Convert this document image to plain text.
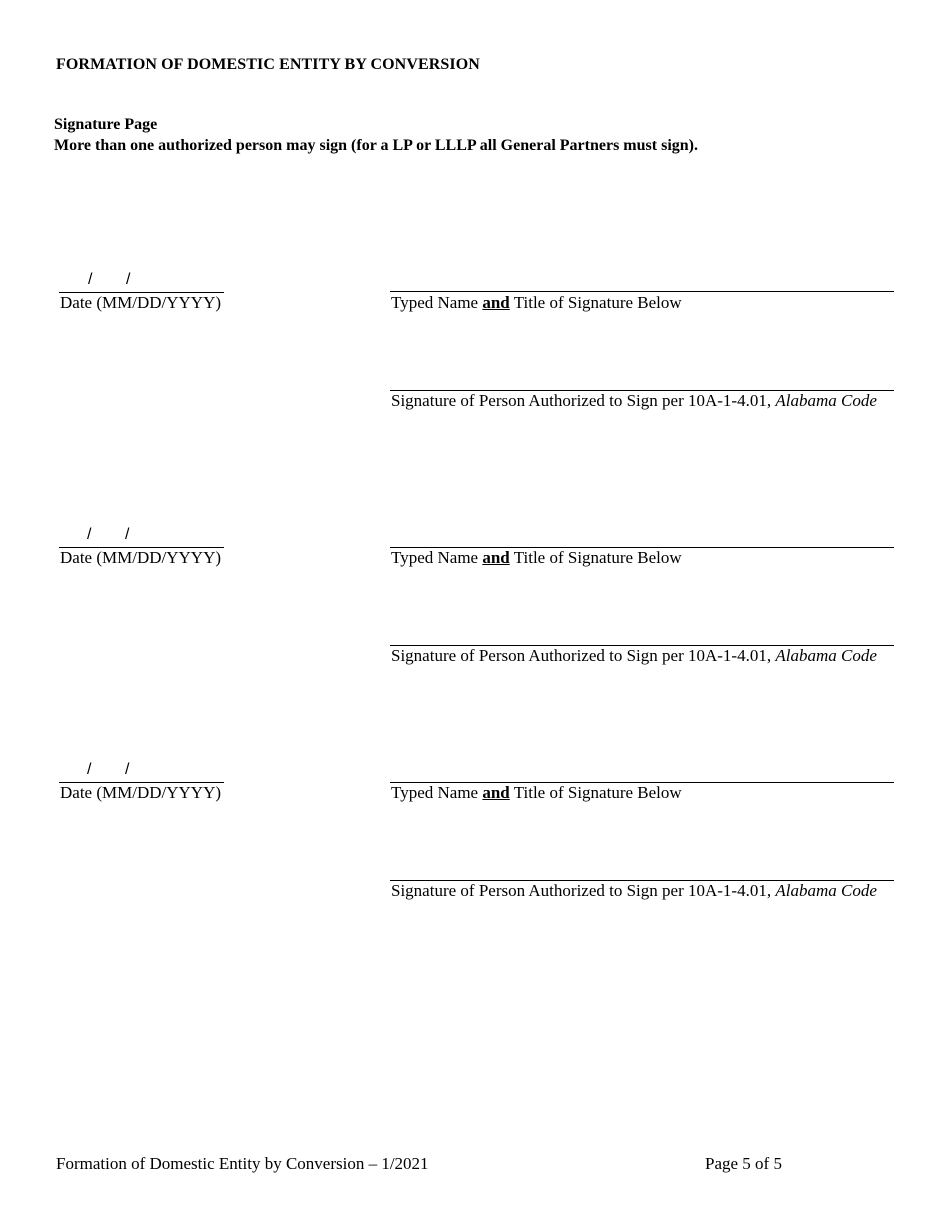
FORMATION OF DOMESTIC ENTITY BY CONVERSION
Signature Page
More than one authorized person may sign (for a LP or LLLP all General Partners must sign).
/ /
Date (MM/DD/YYYY)	Typed Name and Title of Signature Below
Signature of Person Authorized to Sign per 10A-1-4.01, Alabama Code
/ /
Date (MM/DD/YYYY)	Typed Name and Title of Signature Below
Signature of Person Authorized to Sign per 10A-1-4.01, Alabama Code
/ /
Date (MM/DD/YYYY)	Typed Name and Title of Signature Below
Signature of Person Authorized to Sign per 10A-1-4.01, Alabama Code
Formation of Domestic Entity by Conversion – 1/2021	Page 5 of 5
